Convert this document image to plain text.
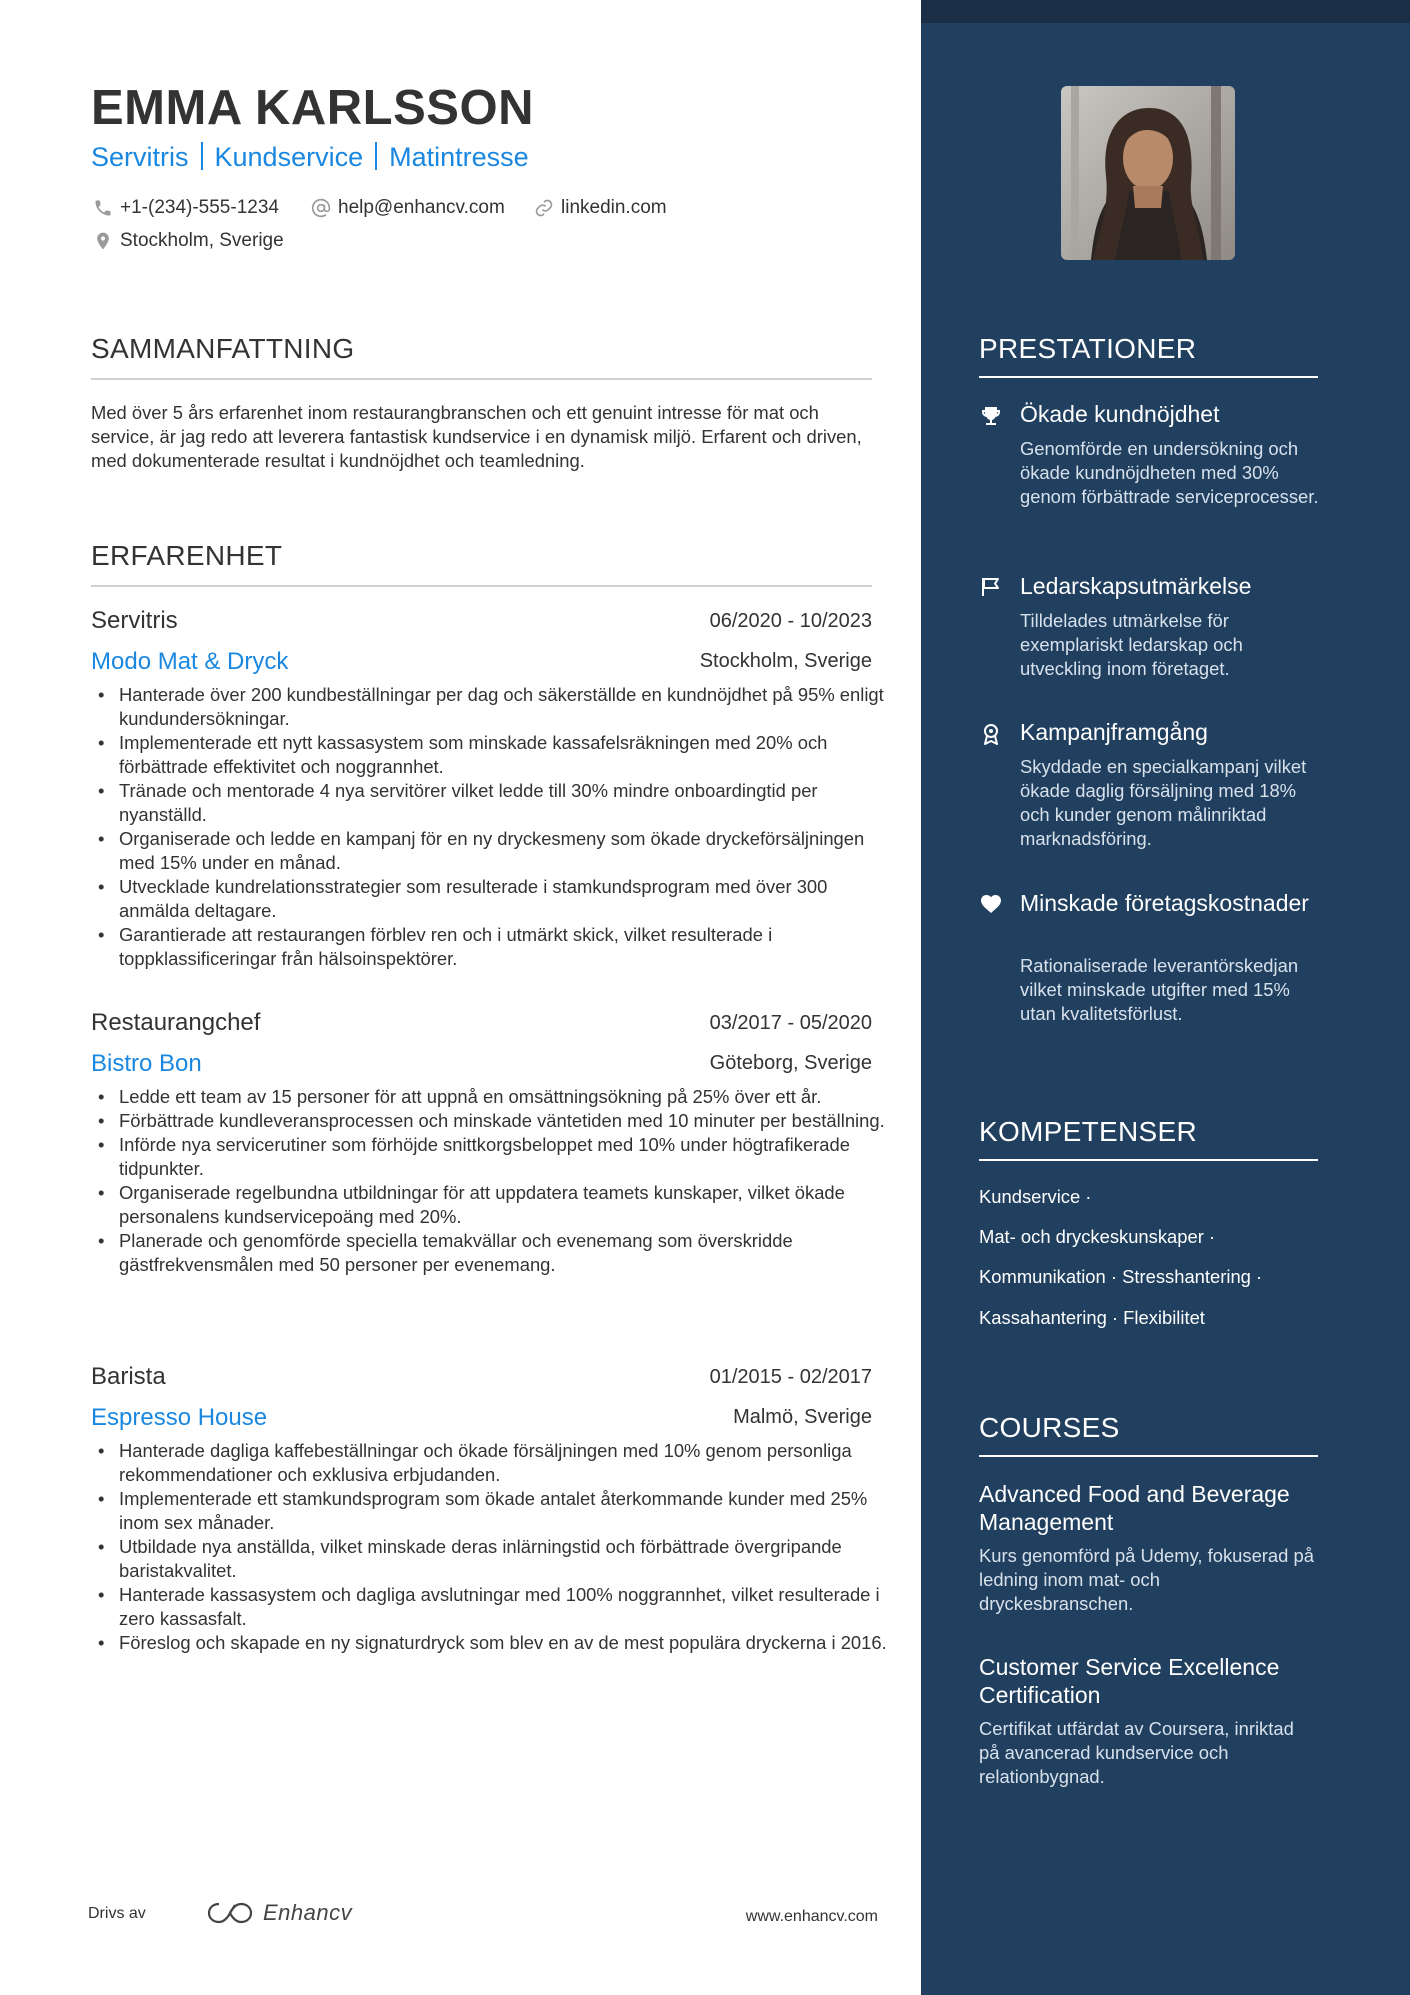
EMMA KARLSSON
Servitris Kundservice Matintresse
+1-(234)-555-1234	help@enhancv.com	linkedin.com
Stockholm, Sverige
SAMMANFATTNING

Med över 5 års erfarenhet inom restaurangbranschen och ett genuint intresse för mat och service, är jag redo att leverera fantastisk kundservice i en dynamisk miljö. Erfarent och driven, med dokumenterade resultat i kundnöjdhet och teamledning.

ERFARENHET
Servitris	06/2020 - 10/2023
Modo Mat & Dryck	Stockholm, Sverige
• Hanterade över 200 kundbeställningar per dag och säkerställde en kundnöjdhet på 95% enligt kundundersökningar.
• Implementerade ett nytt kassasystem som minskade kassafelsräkningen med 20% och förbättrade effektivitet och noggrannhet.
• Tränade och mentorade 4 nya servitörer vilket ledde till 30% mindre onboardingtid per nyanställd.
• Organiserade och ledde en kampanj för en ny dryckesmeny som ökade dryckeförsäljningen med 15% under en månad.
• Utvecklade kundrelationsstrategier som resulterade i stamkundsprogram med över 300 anmälda deltagare.
• Garantierade att restaurangen förblev ren och i utmärkt skick, vilket resulterade i toppklassificeringar från hälsoinspektörer.
Restaurangchef	03/2017 - 05/2020
Bistro Bon	Göteborg, Sverige
• Ledde ett team av 15 personer för att uppnå en omsättningsökning på 25% över ett år.
• Förbättrade kundleveransprocessen och minskade väntetiden med 10 minuter per beställning.
• Införde nya servicerutiner som förhöjde snittkorgsbeloppet med 10% under högtrafikerade tidpunkter.
• Organiserade regelbundna utbildningar för att uppdatera teamets kunskaper, vilket ökade personalens kundservicepoäng med 20%.
• Planerade och genomförde speciella temakvällar och evenemang som överskridde gästfrekvensmålen med 50 personer per evenemang.
Barista	01/2015 - 02/2017
Espresso House	Malmö, Sverige
• Hanterade dagliga kaffebeställningar och ökade försäljningen med 10% genom personliga rekommendationer och exklusiva erbjudanden.
• Implementerade ett stamkundsprogram som ökade antalet återkommande kunder med 25% inom sex månader.
• Utbildade nya anställda, vilket minskade deras inlärningstid och förbättrade övergripande baristakvalitet.
• Hanterade kassasystem och dagliga avslutningar med 100% noggrannhet, vilket resulterade i zero kassasfalt.
• Föreslog och skapade en ny signaturdryck som blev en av de mest populära dryckerna i 2016.
PRESTATIONER
Ökade kundnöjdhet
Genomförde en undersökning och ökade kundnöjdheten med 30% genom förbättrade serviceprocesser.
Ledarskapsutmärkelse
Tilldelades utmärkelse för exemplariskt ledarskap och utveckling inom företaget.
Kampanjframgång
Skyddade en specialkampanj vilket ökade daglig försäljning med 18% och kunder genom målinriktad marknadsföring.
Minskade företagskostnader
Rationaliserade leverantörskedjan vilket minskade utgifter med 15% utan kvalitetsförlust.
KOMPETENSER
Kundservice ·
Mat- och dryckeskunskaper ·
Kommunikation · Stresshantering ·
Kassahantering · Flexibilitet
COURSES
Advanced Food and Beverage Management
Kurs genomförd på Udemy, fokuserad på ledning inom mat- och dryckesbranschen.
Customer Service Excellence Certification
Certifikat utfärdat av Coursera, inriktad på avancerad kundservice och relationbygnad.
Drivs av	Enhancv	www.enhancv.com
